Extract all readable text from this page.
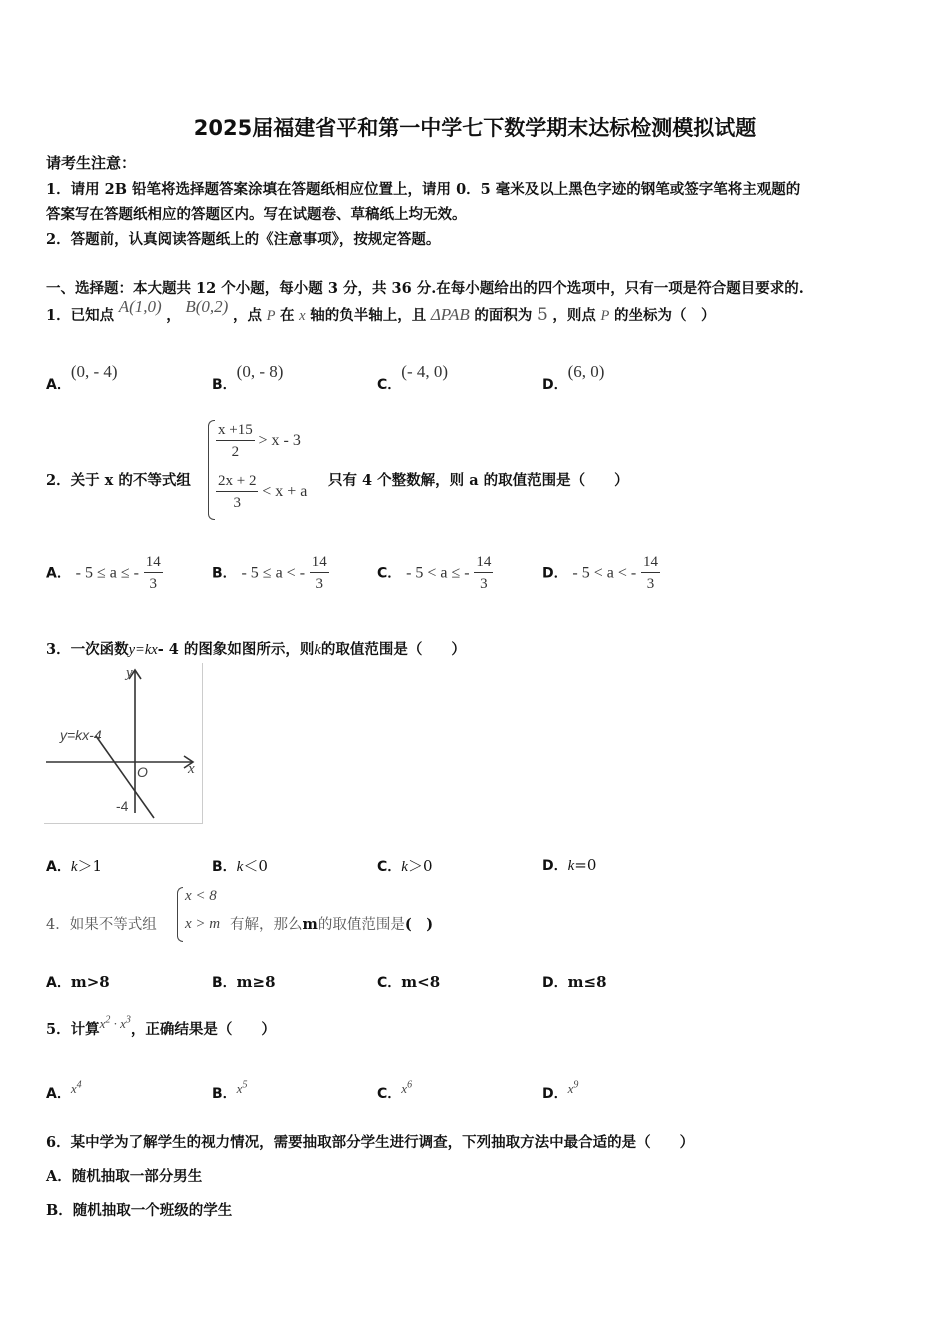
2025届福建省平和第一中学七下数学期末达标检测模拟试题
请考生注意：
1．请用 2B 铅笔将选择题答案涂填在答题纸相应位置上，请用 0．5 毫米及以上黑色字迹的钢笔或签字笔将主观题的
答案写在答题纸相应的答题区内。写在试题卷、草稿纸上均无效。
2．答题前，认真阅读答题纸上的《注意事项》，按规定答题。
一、选择题：本大题共 12 个小题，每小题 3 分，共 36 分.在每小题给出的四个选项中，只有一项是符合题目要求的.
1．已知点 A(1,0) ， B(0,2) ，点 P 在 x 轴的负半轴上，且 ΔPAB 的面积为 5 ，则点 P 的坐标为（　）
A．(0, - 4)
B．(0, - 8)
C．(- 4, 0)
D．(6, 0)
2．关于 x 的不等式组
$\frac{x +15}{2} > x - 3$
$\frac{2x + 2}{3} < x + a$
只有 4 个整数解，则 a 的取值范围是（　　）
A． - 5 ≤ a ≤ - $\frac{14}{3}$	B． - 5 ≤ a < - $\frac{14}{3}$	C． - 5 < a ≤ - $\frac{14}{3}$	D． - 5 < a < - $\frac{14}{3}$
3．一次函数y=kx- 4 的图象如图所示，则k的取值范围是（　　）
y
x
O
y=kx-4
-4
A．k＞1	B．k＜0	C．k＞0	D．k=0
4．如果不等式组
x < 8
x > m 有解，那么m的取值范围是(　)
A．m>8	B．m≥8	C．m<8	D．m≤8
5．计算$x^2 \cdot x^3$，正确结果是（　　）
A．$x^4$
B．$x^5$
C．$x^6$
D．$x^9$
6．某中学为了解学生的视力情况，需要抽取部分学生进行调查，下列抽取方法中最合适的是（　　）
A．随机抽取一部分男生
B．随机抽取一个班级的学生
